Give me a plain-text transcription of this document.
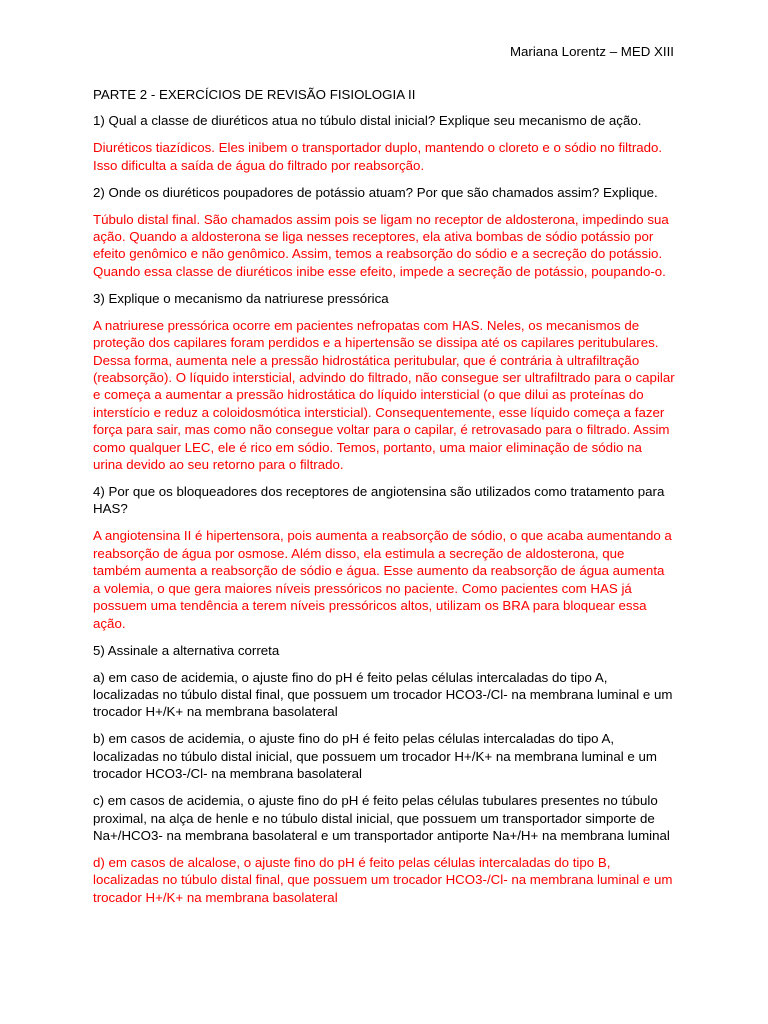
Mariana Lorentz – MED XIII

PARTE 2 - EXERCÍCIOS DE REVISÃO FISIOLOGIA II

1) Qual a classe de diuréticos atua no túbulo distal inicial? Explique seu mecanismo de ação.

Diuréticos tiazídicos. Eles inibem o transportador duplo, mantendo o cloreto e o sódio no filtrado. Isso dificulta a saída de água do filtrado por reabsorção.

2) Onde os diuréticos poupadores de potássio atuam? Por que são chamados assim? Explique.

Túbulo distal final. São chamados assim pois se ligam no receptor de aldosterona, impedindo sua ação. Quando a aldosterona se liga nesses receptores, ela ativa bombas de sódio potássio por efeito genômico e não genômico. Assim, temos a reabsorção do sódio e a secreção do potássio. Quando essa classe de diuréticos inibe esse efeito, impede a secreção de potássio, poupando-o.

3) Explique o mecanismo da natriurese pressórica

A natriurese pressórica ocorre em pacientes nefropatas com HAS. Neles, os mecanismos de proteção dos capilares foram perdidos e a hipertensão se dissipa até os capilares peritubulares. Dessa forma, aumenta nele a pressão hidrostática peritubular, que é contrária à ultrafiltração (reabsorção). O líquido intersticial, advindo do filtrado, não consegue ser ultrafiltrado para o capilar e começa a aumentar a pressão hidrostática do líquido intersticial (o que dilui as proteínas do interstício e reduz a coloidosmótica intersticial). Consequentemente, esse líquido começa a fazer força para sair, mas como não consegue voltar para o capilar, é retrovasado para o filtrado. Assim como qualquer LEC, ele é rico em sódio. Temos, portanto, uma maior eliminação de sódio na urina devido ao seu retorno para o filtrado.

4) Por que os bloqueadores dos receptores de angiotensina são utilizados como tratamento para HAS?

A angiotensina II é hipertensora, pois aumenta a reabsorção de sódio, o que acaba aumentando a reabsorção de água por osmose. Além disso, ela estimula a secreção de aldosterona, que também aumenta a reabsorção de sódio e água. Esse aumento da reabsorção de água aumenta a volemia, o que gera maiores níveis pressóricos no paciente. Como pacientes com HAS já possuem uma tendência a terem níveis pressóricos altos, utilizam os BRA para bloquear essa ação.

5) Assinale a alternativa correta

a) em caso de acidemia, o ajuste fino do pH é feito pelas células intercaladas do tipo A, localizadas no túbulo distal final, que possuem um trocador HCO3-/Cl- na membrana luminal e um trocador H+/K+ na membrana basolateral

b) em casos de acidemia, o ajuste fino do pH é feito pelas células intercaladas do tipo A, localizadas no túbulo distal inicial, que possuem um trocador H+/K+ na membrana luminal e um trocador HCO3-/Cl- na membrana basolateral

c) em casos de acidemia, o ajuste fino do pH é feito pelas células tubulares presentes no túbulo proximal, na alça de henle e no túbulo distal inicial, que possuem um transportador simporte de Na+/HCO3- na membrana basolateral e um transportador antiporte Na+/H+ na membrana luminal

d) em casos de alcalose, o ajuste fino do pH é feito pelas células intercaladas do tipo B, localizadas no túbulo distal final, que possuem um trocador HCO3-/Cl- na membrana luminal e um trocador H+/K+ na membrana basolateral
